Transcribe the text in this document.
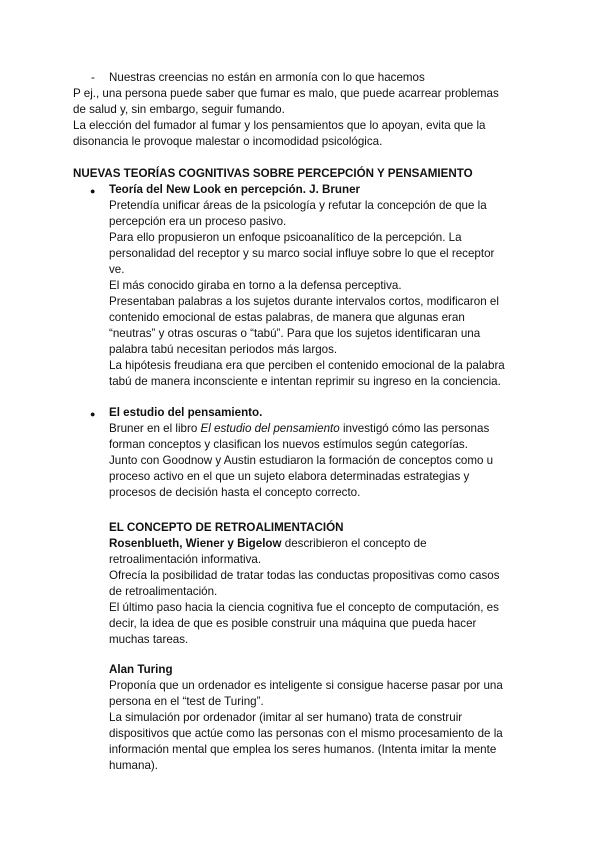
- Nuestras creencias no están en armonía con lo que hacemos

P ej., una persona puede saber que fumar es malo, que puede acarrear problemas

de salud y, sin embargo, seguir fumando.

La elección del fumador al fumar y los pensamientos que lo apoyan, evita que la

disonancia le provoque malestar o incomodidad psicológica.

NUEVAS TEORÍAS COGNITIVAS SOBRE PERCEPCIÓN Y PENSAMIENTO
● Teoría del New Look en percepción. J. Bruner

Pretendía unificar áreas de la psicología y refutar la concepción de que la

percepción era un proceso pasivo.

Para ello propusieron un enfoque psicoanalítico de la percepción. La

personalidad del receptor y su marco social influye sobre lo que el receptor

ve.

El más conocido giraba en torno a la defensa perceptiva.

Presentaban palabras a los sujetos durante intervalos cortos, modificaron el

contenido emocional de estas palabras, de manera que algunas eran

“neutras” y otras oscuras o “tabú”. Para que los sujetos identificaran una

palabra tabú necesitan periodos más largos.

La hipótesis freudiana era que perciben el contenido emocional de la palabra

tabú de manera inconsciente e intentan reprimir su ingreso en la conciencia.

● El estudio del pensamiento.

Bruner en el libro El estudio del pensamiento investigó cómo las personas

forman conceptos y clasifican los nuevos estímulos según categorías.

Junto con Goodnow y Austin estudiaron la formación de conceptos como u

proceso activo en el que un sujeto elabora determinadas estrategias y

procesos de decisión hasta el concepto correcto.

EL CONCEPTO DE RETROALIMENTACIÓN

Rosenblueth, Wiener y Bigelow describieron el concepto de

retroalimentación informativa.

Ofrecía la posibilidad de tratar todas las conductas propositivas como casos

de retroalimentación.

El último paso hacia la ciencia cognitiva fue el concepto de computación, es

decir, la idea de que es posible construir una máquina que pueda hacer

muchas tareas.

Alan Turing

Proponía que un ordenador es inteligente si consigue hacerse pasar por una

persona en el “test de Turing”.

La simulación por ordenador (imitar al ser humano) trata de construir

dispositivos que actúe como las personas con el mismo procesamiento de la

información mental que emplea los seres humanos. (Intenta imitar la mente

humana).
